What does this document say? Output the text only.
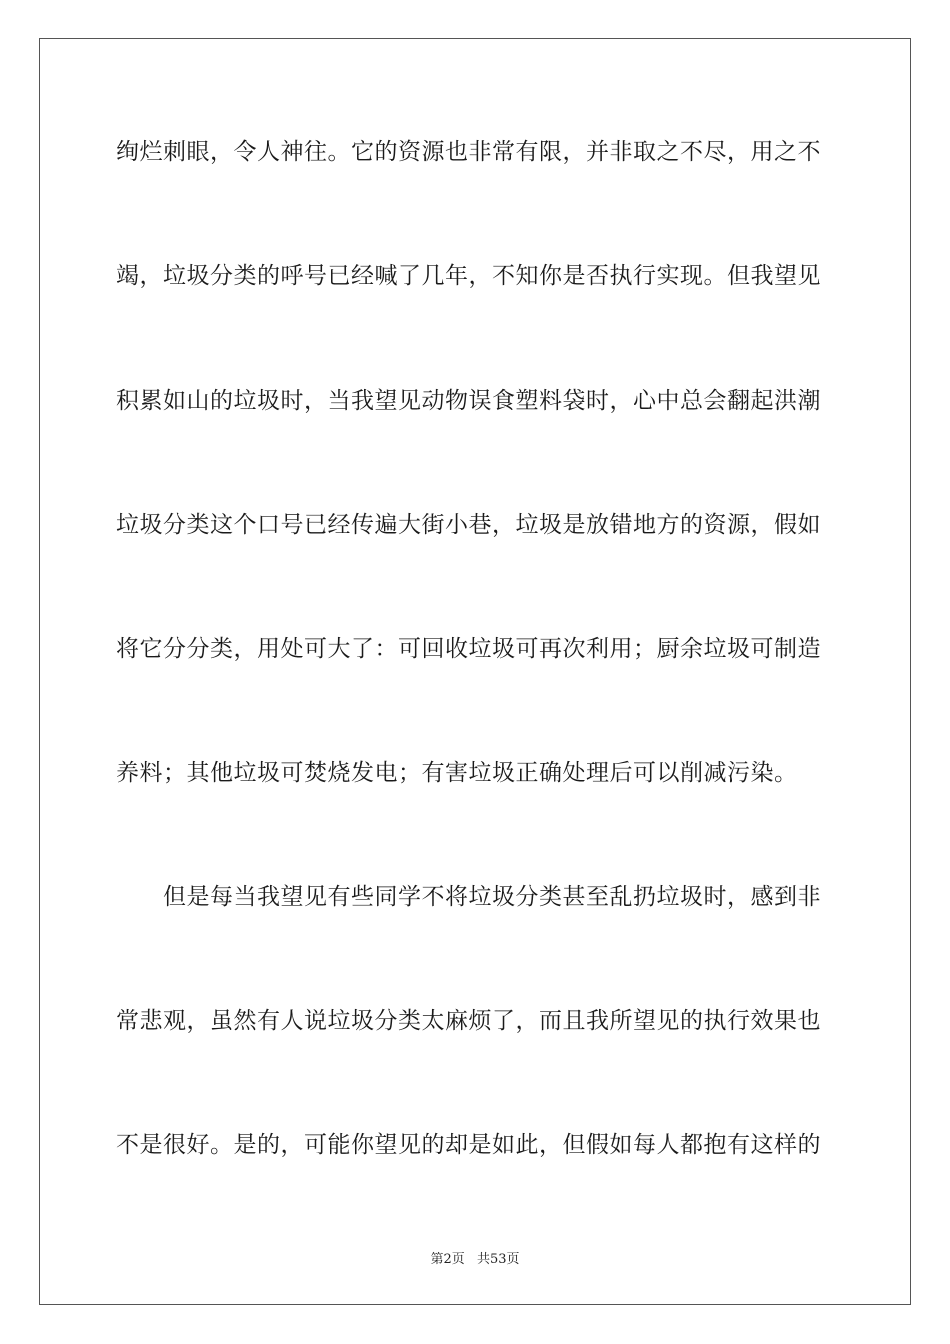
绚烂刺眼，令人神往。它的资源也非常有限，并非取之不尽，用之不
竭，垃圾分类的呼号已经喊了几年，不知你是否执行实现。但我望见
积累如山的垃圾时，当我望见动物误食塑料袋时，心中总会翻起洪潮
垃圾分类这个口号已经传遍大街小巷，垃圾是放错地方的资源，假如
将它分分类，用处可大了：可回收垃圾可再次利用；厨余垃圾可制造
养料；其他垃圾可焚烧发电；有害垃圾正确处理后可以削减污染。
　　但是每当我望见有些同学不将垃圾分类甚至乱扔垃圾时，感到非
常悲观，虽然有人说垃圾分类太麻烦了，而且我所望见的执行效果也
不是很好。是的，可能你望见的却是如此，但假如每人都抱有这样的
第2页 共53页
